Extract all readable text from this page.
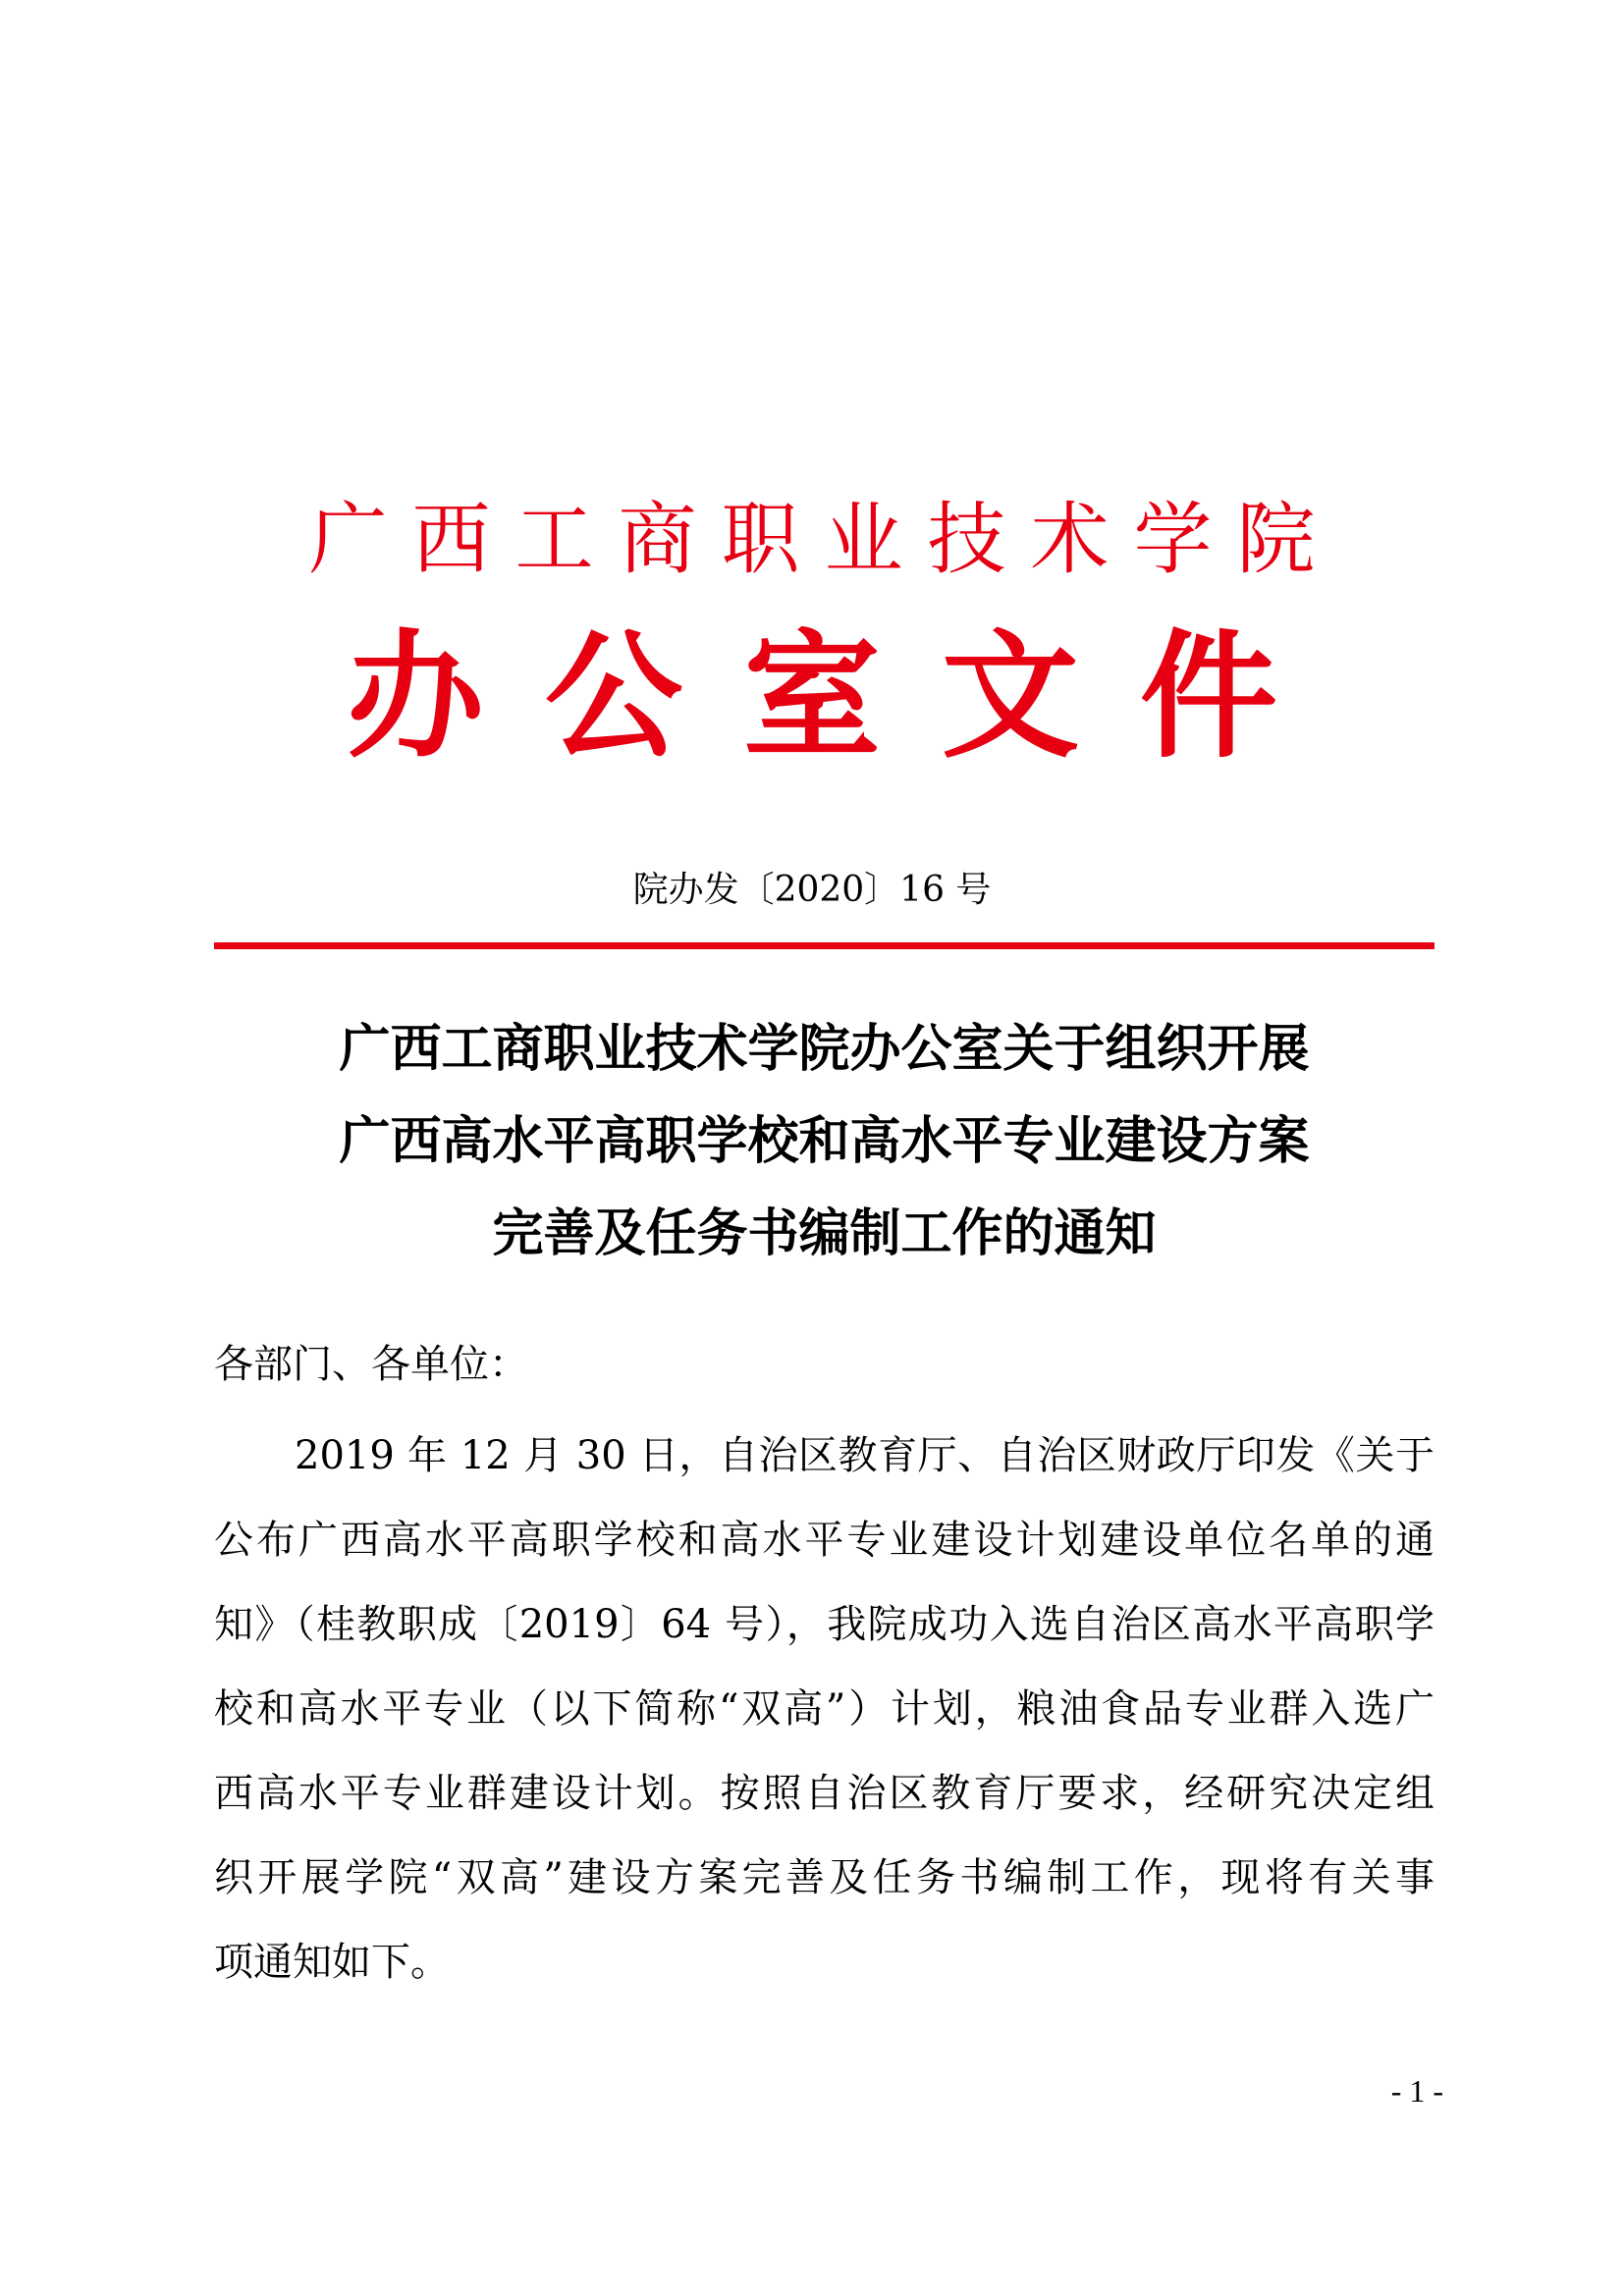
广西工商职业技术学院
办公室文件
院办发〔2020〕16 号
广西工商职业技术学院办公室关于组织开展
广西高水平高职学校和高水平专业建设方案
完善及任务书编制工作的通知
各部门、各单位：
2019 年 12 月 30 日，自治区教育厅、自治区财政厅印发《关于
公布广西高水平高职学校和高水平专业建设计划建设单位名单的通
知》（桂教职成〔2019〕64 号），我院成功入选自治区高水平高职学
校和高水平专业（以下简称“双高”）计划，粮油食品专业群入选广
西高水平专业群建设计划。按照自治区教育厅要求，经研究决定组
织开展学院“双高”建设方案完善及任务书编制工作，现将有关事
项通知如下。
- 1 -
